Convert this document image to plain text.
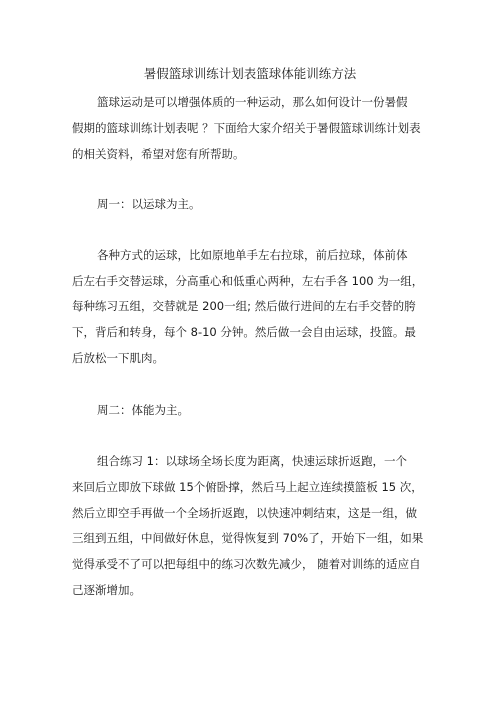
暑假篮球训练计划表篮球体能训练方法
篮球运动是可以增强体质的一种运动，那么如何设计一份暑假
假期的篮球训练计划表呢 ？下面给大家介绍关于暑假篮球训练计划表
的相关资料，希望对您有所帮助。
周一：以运球为主。
各种方式的运球，比如原地单手左右拉球，前后拉球，体前体
后左右手交替运球，分高重心和低重心两种，左右手各 100 为一组，
每种练习五组，交替就是 200一组; 然后做行进间的左右手交替的胯
下，背后和转身，每个 8-10 分钟。然后做一会自由运球，投篮。最
后放松一下肌肉。
周二：体能为主。
组合练习 1：以球场全场长度为距离，快速运球折返跑，一个
来回后立即放下球做 15个俯卧撑，然后马上起立连续摸篮板 15 次，
然后立即空手再做一个全场折返跑，以快速冲刺结束，这是一组，做
三组到五组，中间做好休息，觉得恢复到 70%了，开始下一组，如果
觉得承受不了可以把每组中的练习次数先减少， 随着对训练的适应自
己逐渐增加。
